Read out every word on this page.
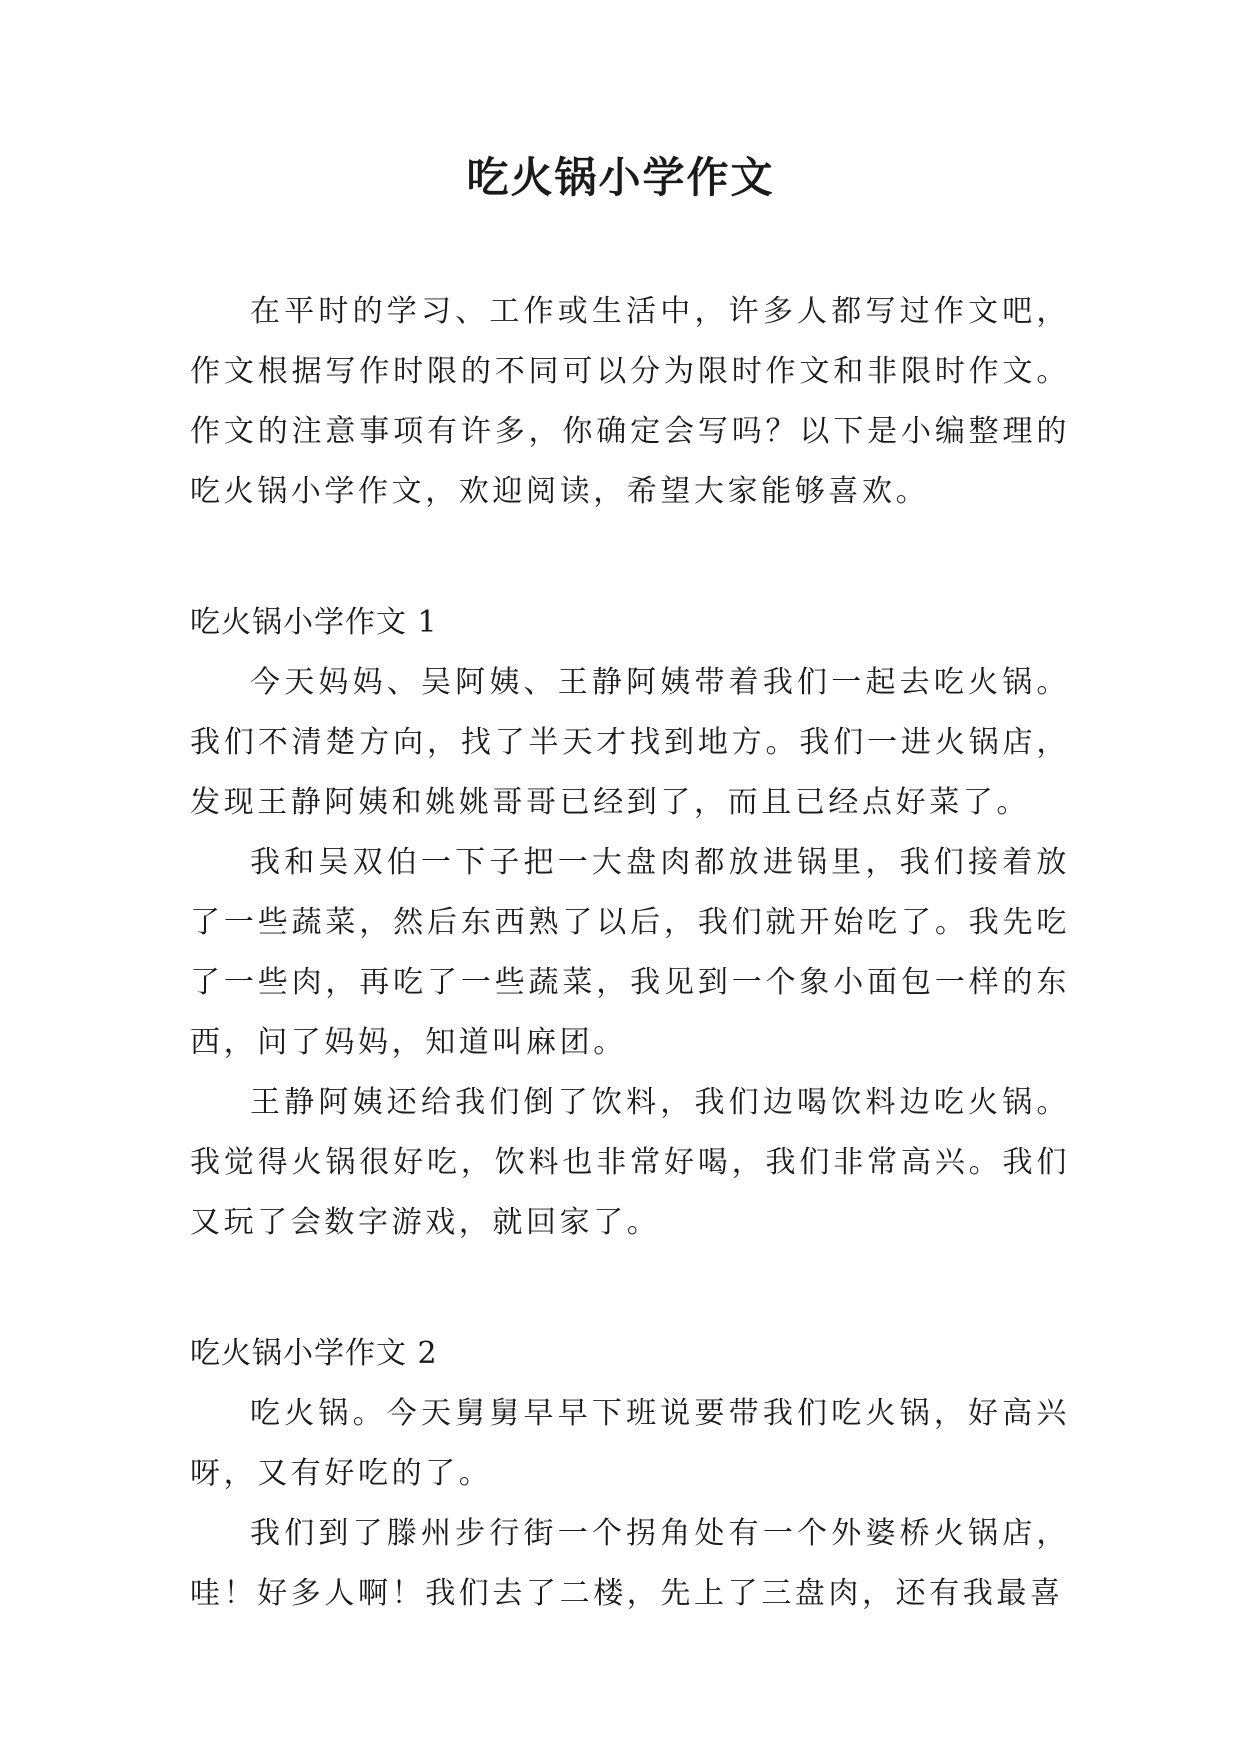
吃火锅小学作文

在平时的学习、工作或生活中，许多人都写过作文吧，作文根据写作时限的不同可以分为限时作文和非限时作文。作文的注意事项有许多，你确定会写吗？以下是小编整理的吃火锅小学作文，欢迎阅读，希望大家能够喜欢。

吃火锅小学作文 1

今天妈妈、吴阿姨、王静阿姨带着我们一起去吃火锅。我们不清楚方向，找了半天才找到地方。我们一进火锅店，发现王静阿姨和姚姚哥哥已经到了，而且已经点好菜了。

我和吴双伯一下子把一大盘肉都放进锅里，我们接着放了一些蔬菜，然后东西熟了以后，我们就开始吃了。我先吃了一些肉，再吃了一些蔬菜，我见到一个象小面包一样的东西，问了妈妈，知道叫麻团。

王静阿姨还给我们倒了饮料，我们边喝饮料边吃火锅。我觉得火锅很好吃，饮料也非常好喝，我们非常高兴。我们又玩了会数字游戏，就回家了。

吃火锅小学作文 2

吃火锅。今天舅舅早早下班说要带我们吃火锅，好高兴呀，又有好吃的了。

我们到了滕州步行街一个拐角处有一个外婆桥火锅店，哇！好多人啊！我们去了二楼，先上了三盘肉，还有我最喜
